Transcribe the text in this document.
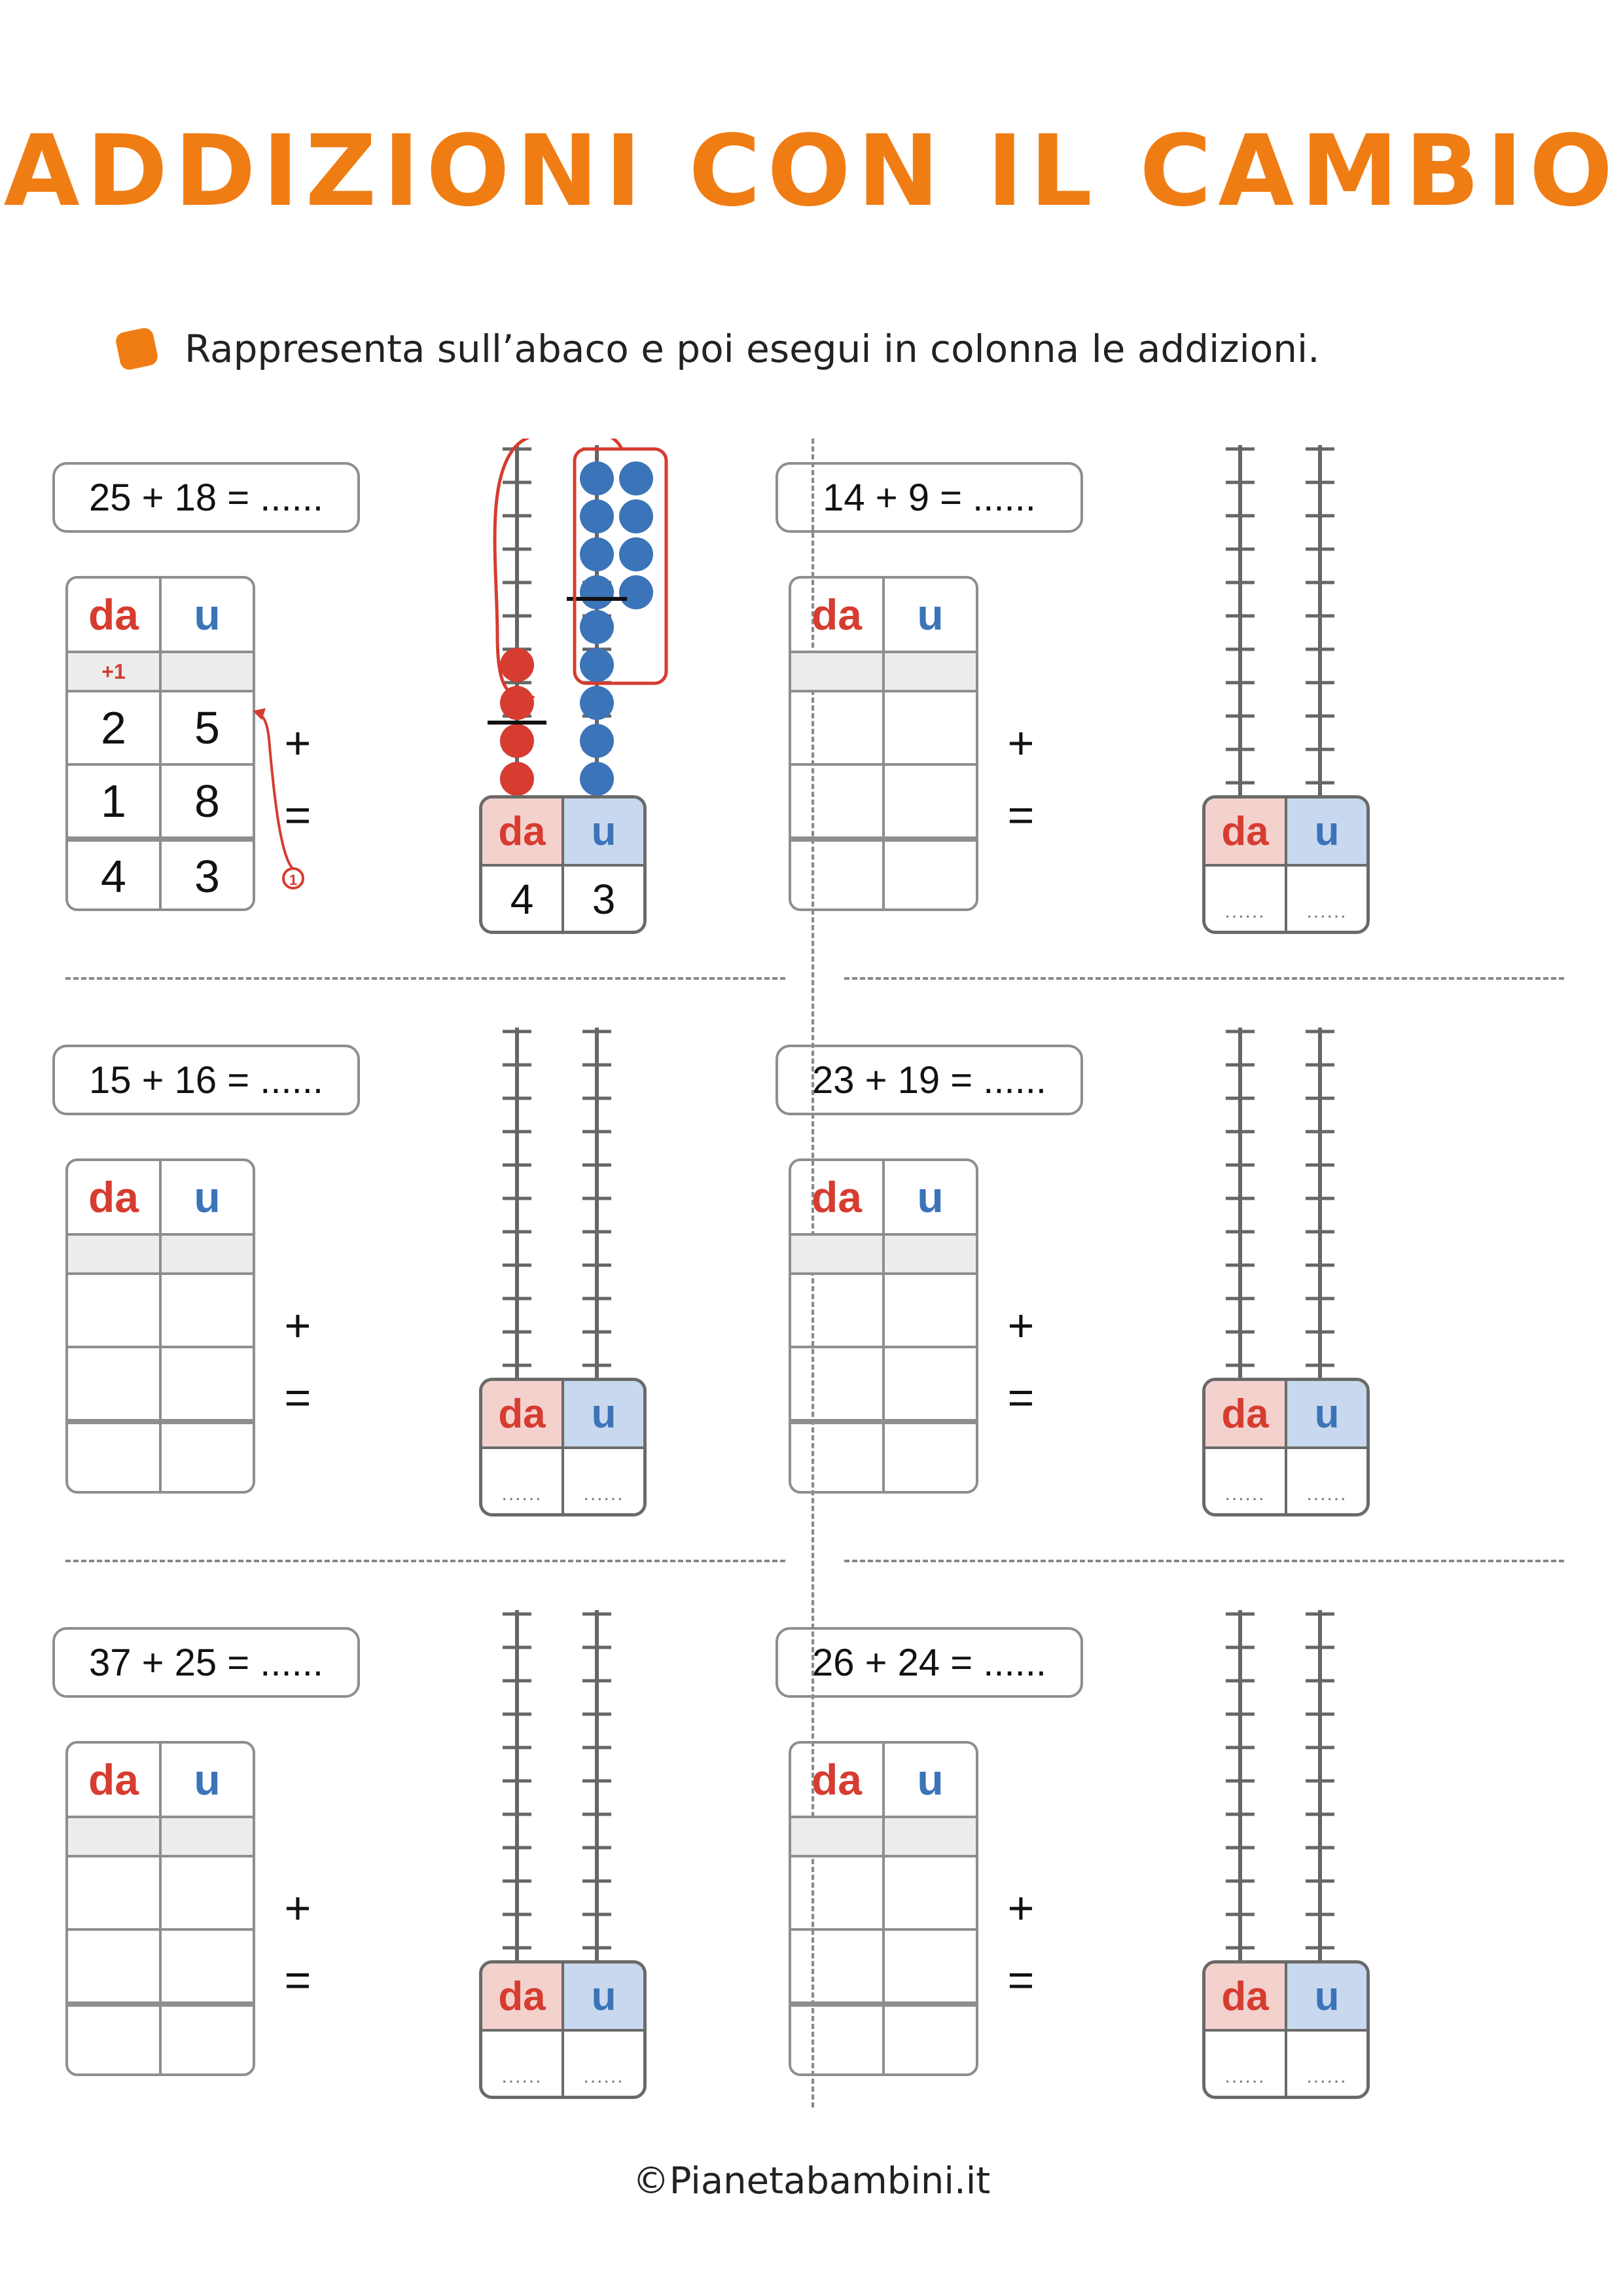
ADDIZIONI CON IL CAMBIO
Rappresenta sull’abaco e poi esegui in colonna le addizioni.
25 + 18 = ......
da	u
+1
2	5
1	8
4	3
+
=
1
da	u
4	3
14 + 9 = ......
da	u
+
=	da	u
......	......
15 + 16 = ......
da	u
+
=	da	u
......	......
23 + 19 = ......
da	u
+
=	da	u
......	......
37 + 25 = ......
da	u
+
=	da	u
......	......
26 + 24 = ......
da	u
+
=	da	u
......	......
©Pianetabambini.it
